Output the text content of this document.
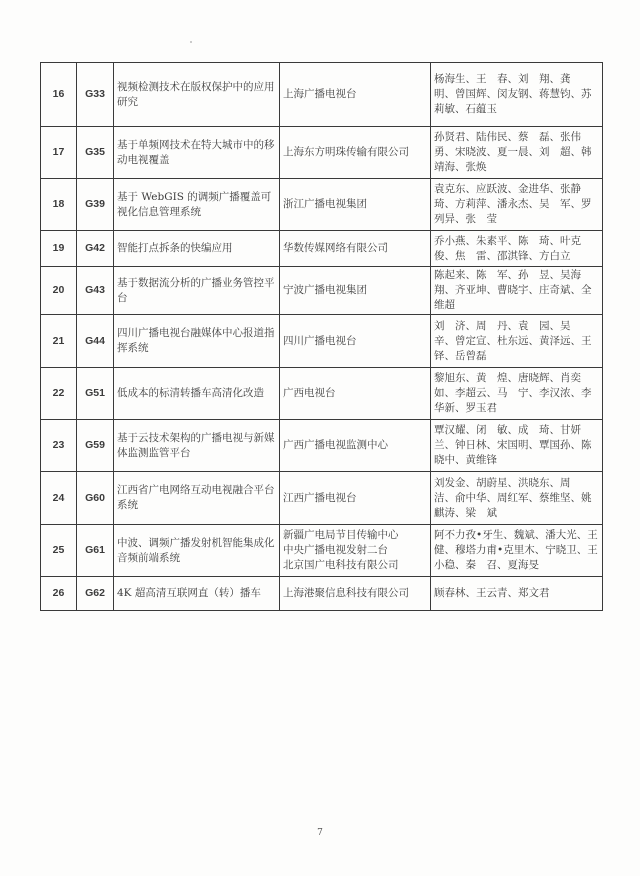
16	G33	视频检测技术在版权保护中的应用研究	上海广播电视台	杨海生、王　春、刘　翔、龚　明、曾国辉、闵友钢、蒋慧钧、苏莉敏、石蕴玉
17	G35	基于单频网技术在特大城市中的移动电视覆盖	上海东方明珠传输有限公司	孙贤君、陆伟民、蔡　磊、张伟勇、宋晓波、夏一晨、刘　超、韩靖海、张焕
18	G39	基于 WebGIS 的调频广播覆盖可视化信息管理系统	浙江广播电视集团	袁克东、应跃波、金进华、张静琦、方莉萍、潘永杰、吴　军、罗列异、张　莹
19	G42	智能打点拆条的快编应用	华数传媒网络有限公司	乔小燕、朱素平、陈　琦、叶克俊、焦　雷、邵淇锋、方白立
20	G43	基于数据流分析的广播业务管控平台	宁波广播电视集团	陈起来、陈　军、孙　昱、吴海翔、齐亚坤、曹晓宇、庄奇斌、全维超
21	G44	四川广播电视台融媒体中心报道指挥系统	四川广播电视台	刘　济、周　丹、袁　园、吴　辛、曾定宣、杜东远、黄泽远、王　铎、岳曾磊
22	G51	低成本的标清转播车高清化改造	广西电视台	黎旭东、黄　煌、唐晓辉、肖奕如、李超云、马　宁、李汉浓、李华新、罗玉君
23	G59	基于云技术架构的广播电视与新媒体监测监管平台	广西广播电视监测中心	覃汉耀、闭　敏、成　琦、甘妍兰、钟日林、宋国明、覃国孙、陈晓中、黄维锋
24	G60	江西省广电网络互动电视融合平台系统	江西广播电视台	刘发金、胡蔚星、洪晓东、周　洁、俞中华、周红军、蔡维坚、姚麒涛、梁　斌
25	G61	中波、调频广播发射机智能集成化音频前端系统	新疆广电局节目传输中心
中央广播电视发射二台
北京国广电科技有限公司	阿不力孜•牙生、魏斌、潘大光、王　健、穆塔力甫•克里木、宁晓卫、王小稳、秦　召、夏海旻
26	G62	4K 超高清互联网直（转）播车	上海港聚信息科技有限公司	顾春林、王云青、郑文君
7
